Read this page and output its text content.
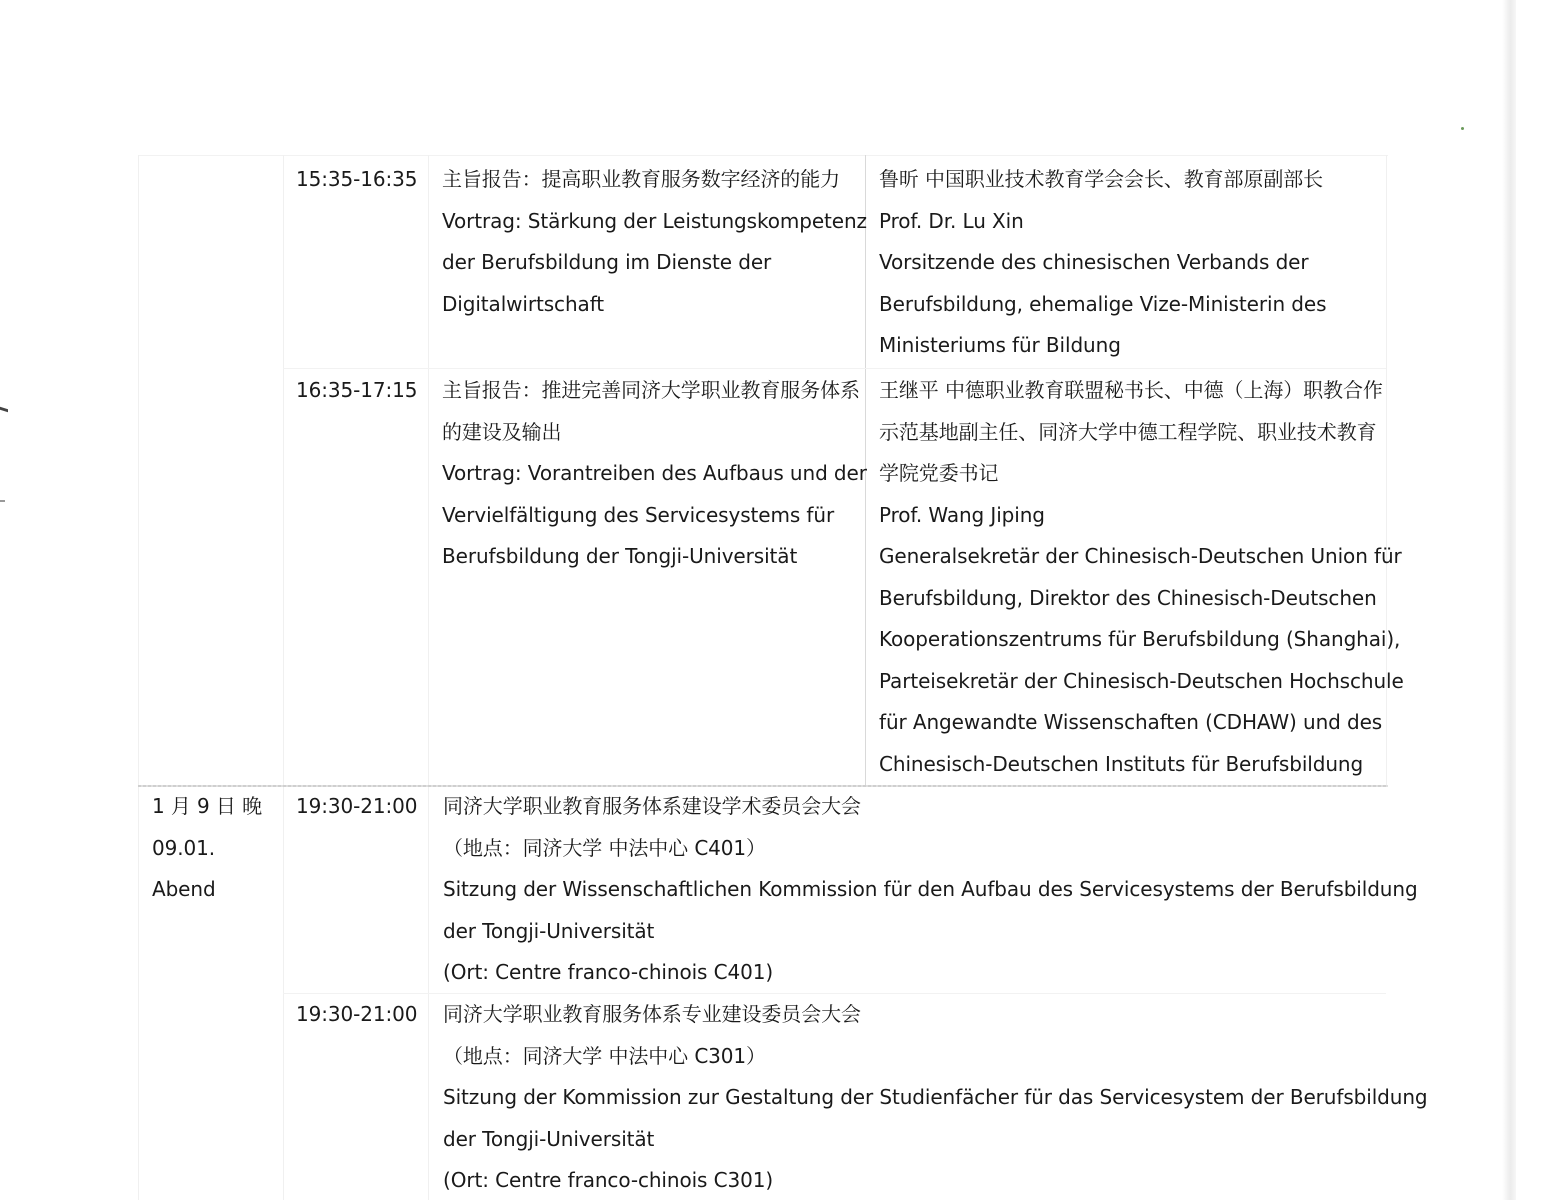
15:35-16:35 主旨报告：提高职业教育服务数字经济的能力
Vortrag: Stärkung der Leistungskompetenz
der Berufsbildung im Dienste der
Digitalwirtschaft
鲁昕 中国职业技术教育学会会长、教育部原副部长
Prof. Dr. Lu Xin
Vorsitzende des chinesischen Verbands der
Berufsbildung, ehemalige Vize-Ministerin des
Ministeriums für Bildung
16:35-17:15 主旨报告：推进完善同济大学职业教育服务体系
的建设及输出
Vortrag: Vorantreiben des Aufbaus und der
Vervielfältigung des Servicesystems für
Berufsbildung der Tongji-Universität
王继平 中德职业教育联盟秘书长、中德（上海）职教合作
示范基地副主任、同济大学中德工程学院、职业技术教育
学院党委书记
Prof. Wang Jiping
Generalsekretär der Chinesisch-Deutschen Union für
Berufsbildung, Direktor des Chinesisch-Deutschen
Kooperationszentrums für Berufsbildung (Shanghai),
Parteisekretär der Chinesisch-Deutschen Hochschule
für Angewandte Wissenschaften (CDHAW) und des
Chinesisch-Deutschen Instituts für Berufsbildung
1 月 9 日 晚
09.01.
Abend
19:30-21:00 同济大学职业教育服务体系建设学术委员会大会
（地点：同济大学 中法中心 C401）
Sitzung der Wissenschaftlichen Kommission für den Aufbau des Servicesystems der Berufsbildung
der Tongji-Universität
(Ort: Centre franco-chinois C401)
19:30-21:00 同济大学职业教育服务体系专业建设委员会大会
（地点：同济大学 中法中心 C301）
Sitzung der Kommission zur Gestaltung der Studienfächer für das Servicesystem der Berufsbildung
der Tongji-Universität
(Ort: Centre franco-chinois C301)
